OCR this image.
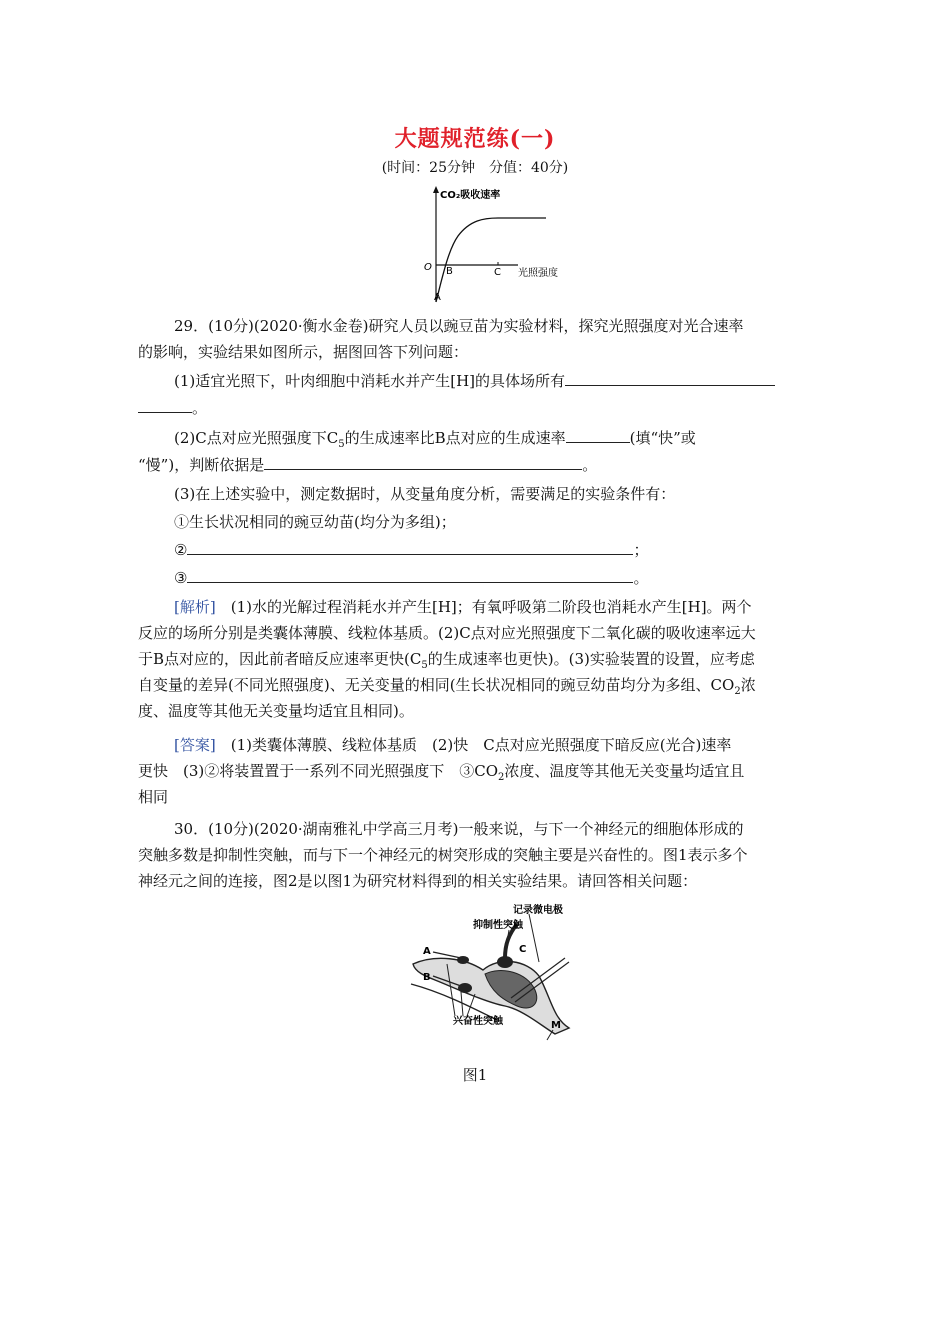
大题规范练(一)
(时间：25分钟　分值：40分)
CO₂吸收速率
O
A
B	C 光照强度
29．(10分)(2020·衡水金卷)研究人员以豌豆苗为实验材料，探究光照强度对光合速率
的影响，实验结果如图所示，据图回答下列问题：
(1)适宜光照下，叶肉细胞中消耗水并产生[H]的具体场所有
。
(2)C点对应光照强度下$C_5$的生成速率比B点对应的生成速率	(填“快”或
“慢”)，判断依据是	。
(3)在上述实验中，测定数据时，从变量角度分析，需要满足的实验条件有：
①生长状况相同的豌豆幼苗(均分为多组)；
②	；
③	。
[解析]　(1)水的光解过程消耗水并产生[H]；有氧呼吸第二阶段也消耗水产生[H]。两个
反应的场所分别是类囊体薄膜、线粒体基质。(2)C点对应光照强度下二氧化碳的吸收速率远大
于B点对应的，因此前者暗反应速率更快($C_5$的生成速率也更快)。(3)实验装置的设置，应考虑
自变量的差异(不同光照强度)、无关变量的相同(生长状况相同的豌豆幼苗均分为多组、$CO_2$浓
度、温度等其他无关变量均适宜且相同)。
[答案]　(1)类囊体薄膜、线粒体基质　(2)快　C点对应光照强度下暗反应(光合)速率
更快　(3)②将装置置于一系列不同光照强度下　$③CO_2$浓度、温度等其他无关变量均适宜且
相同
30．(10分)(2020·湖南雅礼中学高三月考)一般来说，与下一个神经元的细胞体形成的
突触多数是抑制性突触，而与下一个神经元的树突形成的突触主要是兴奋性的。图1表示多个
神经元之间的连接，图2是以图1为研究材料得到的相关实验结果。请回答相关问题：
记录微电极
抑制性突触
A
B
C
兴奋性突触	M
图1
